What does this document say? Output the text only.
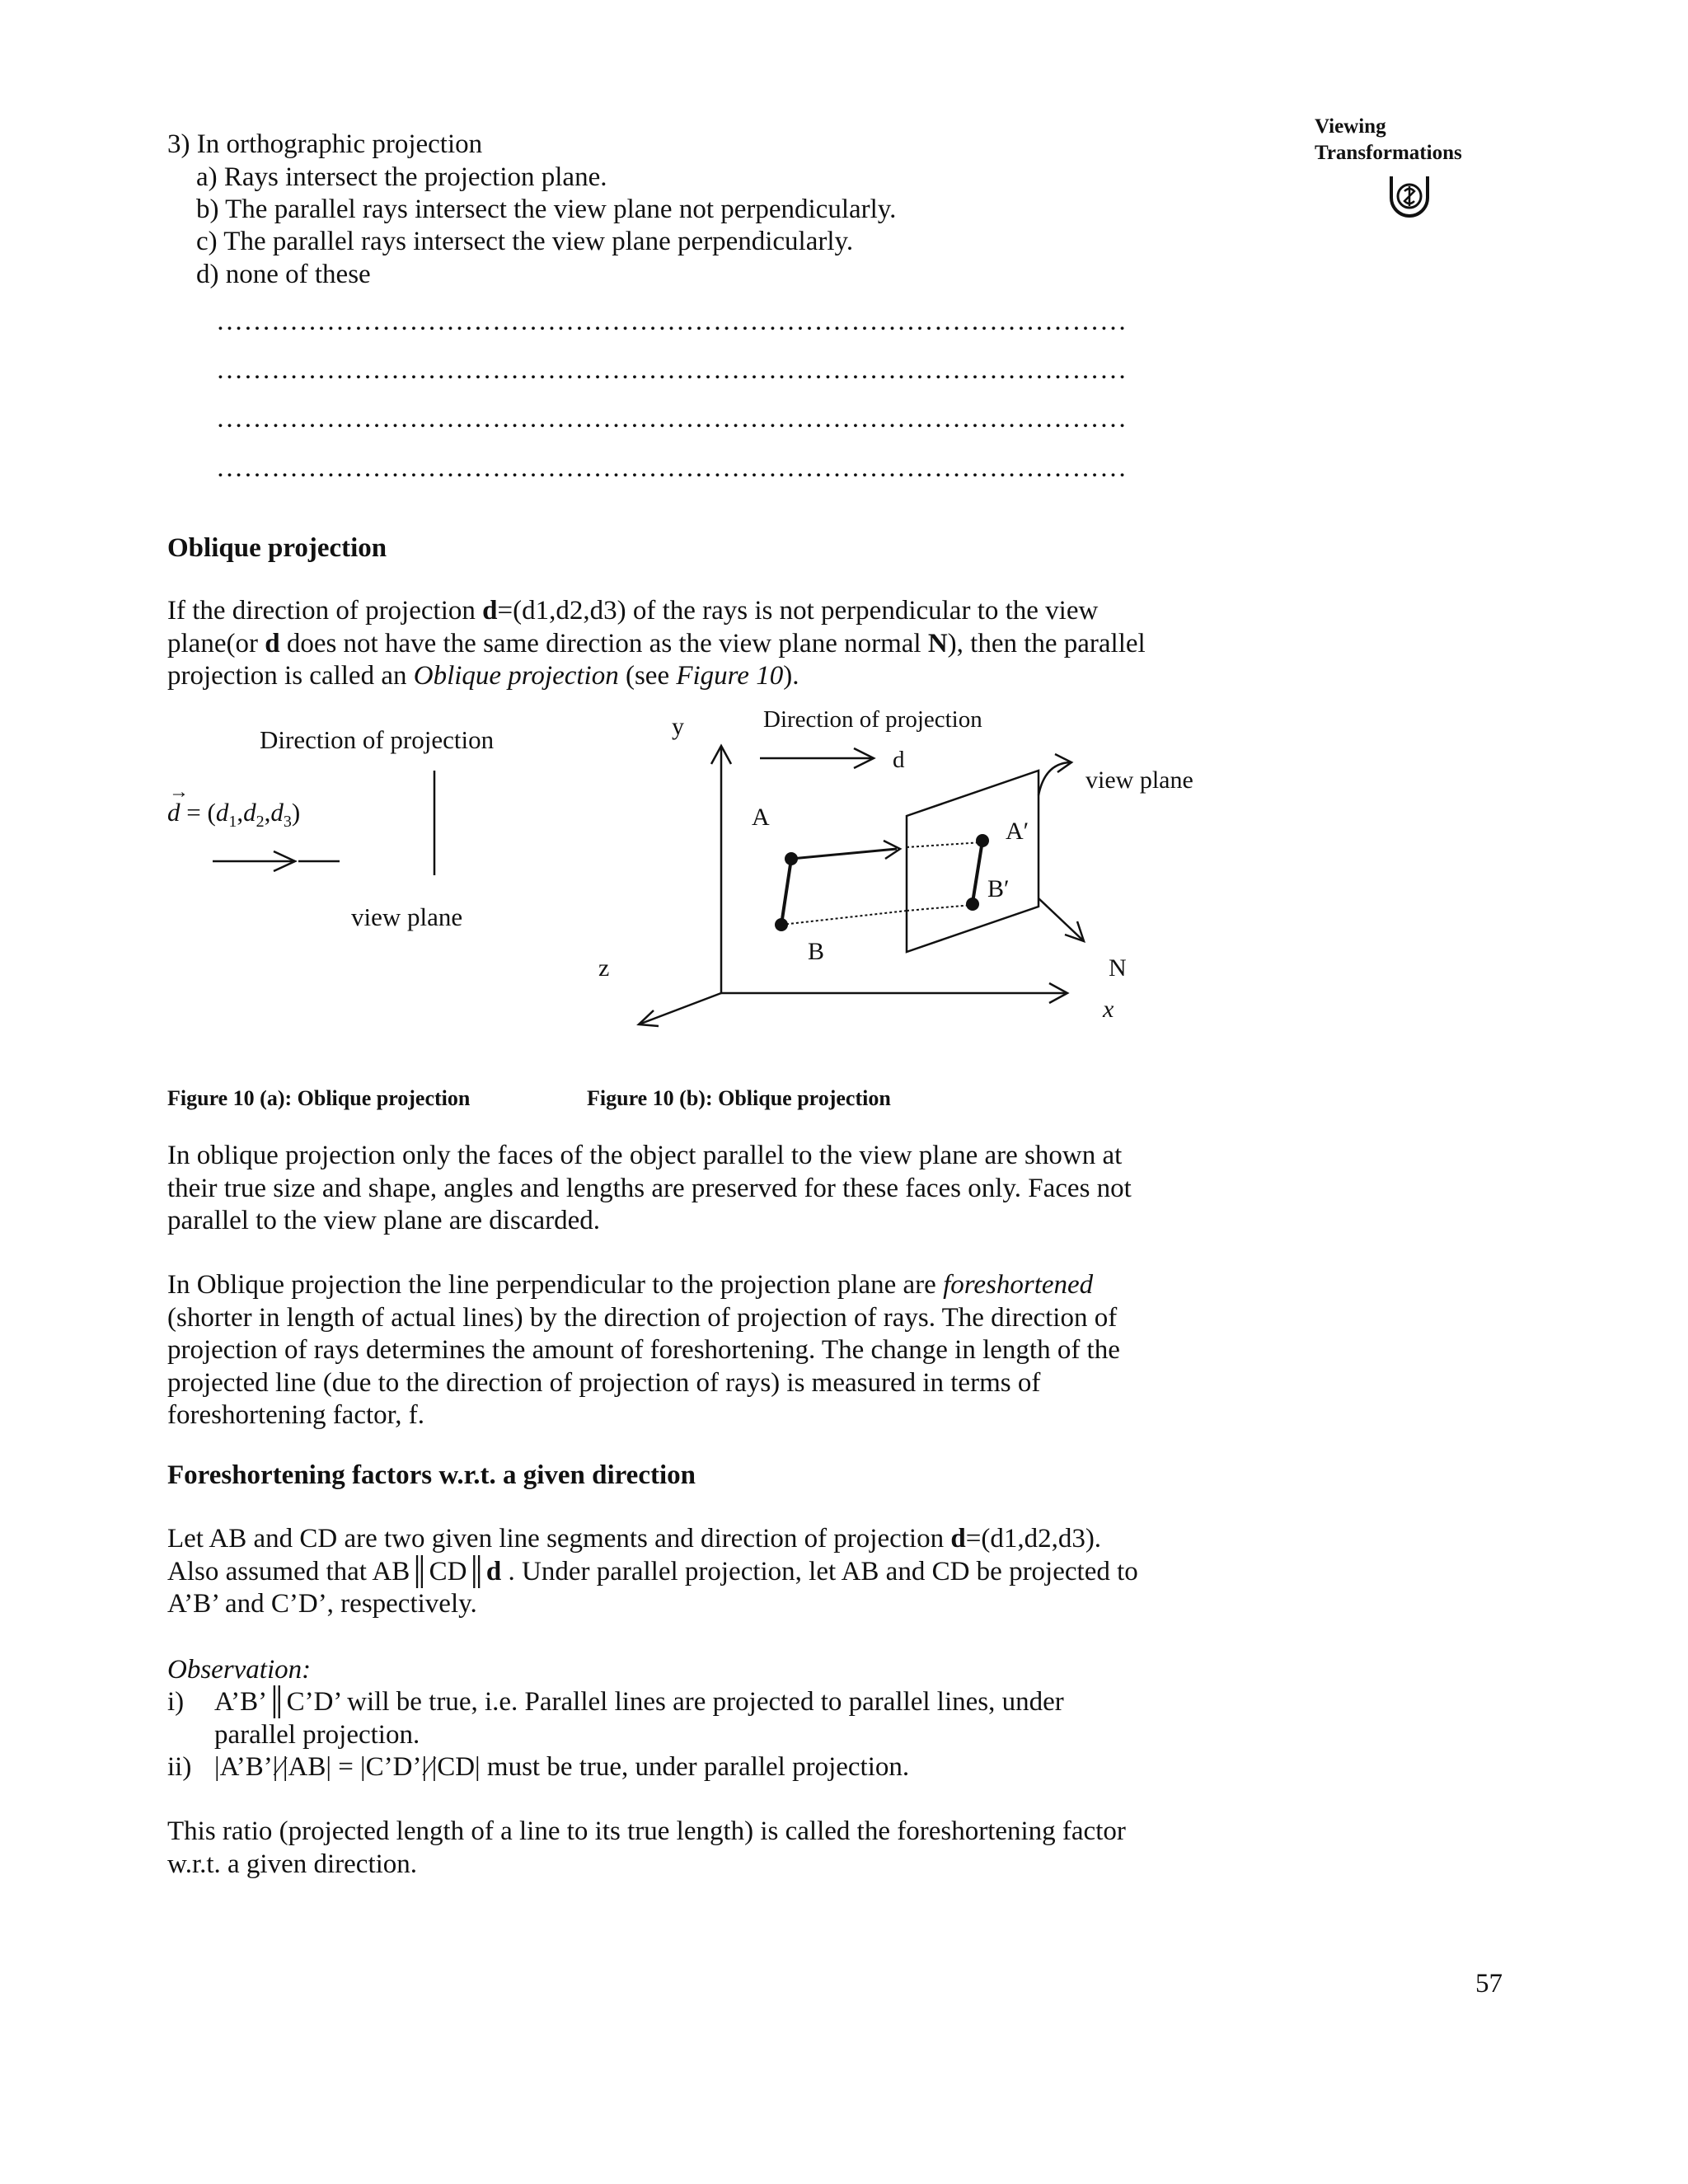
Viewing
Transformations
3) In orthographic projection
a) Rays intersect the projection plane.
b) The parallel rays intersect the view plane not perpendicularly.
c) The parallel rays intersect the view plane perpendicularly.
d) none of these
………………………………………………………………………………………
………………………………………………………………………………………
………………………………………………………………………………………
………………………………………………………………………………………
Oblique projection

If the direction of projection d=(d1,d2,d3) of the rays is not perpendicular to the view plane(or d does not have the same direction as the view plane normal N), then the parallel projection is called an Oblique projection (see Figure 10).

Direction of projection
d
→
= $(d_1,d_2,d_3)$
view plane
y
z
x
N
A
B
A′
B′
Direction of projection
d
view plane
Figure 10 (a): Oblique projection	Figure 10 (b): Oblique projection

In oblique projection only the faces of the object parallel to the view plane are shown at their true size and shape, angles and lengths are preserved for these faces only. Faces not parallel to the view plane are discarded.

In Oblique projection the line perpendicular to the projection plane are foreshortened (shorter in length of actual lines) by the direction of projection of rays. The direction of projection of rays determines the amount of foreshortening. The change in length of the projected line (due to the direction of projection of rays) is measured in terms of foreshortening factor, f.

Foreshortening factors w.r.t. a given direction

Let AB and CD are two given line segments and direction of projection d=(d1,d2,d3). Also assumed that AB║CD║d . Under parallel projection, let AB and CD be projected to A’B’ and C’D’, respectively.

Observation:
i) A’B’║C’D’ will be true, i.e. Parallel lines are projected to parallel lines, under
parallel projection.
ii) |A’B’|∕|AB| = |C’D’|∕|CD| must be true, under parallel projection.

This ratio (projected length of a line to its true length) is called the foreshortening factor w.r.t. a given direction.

57
